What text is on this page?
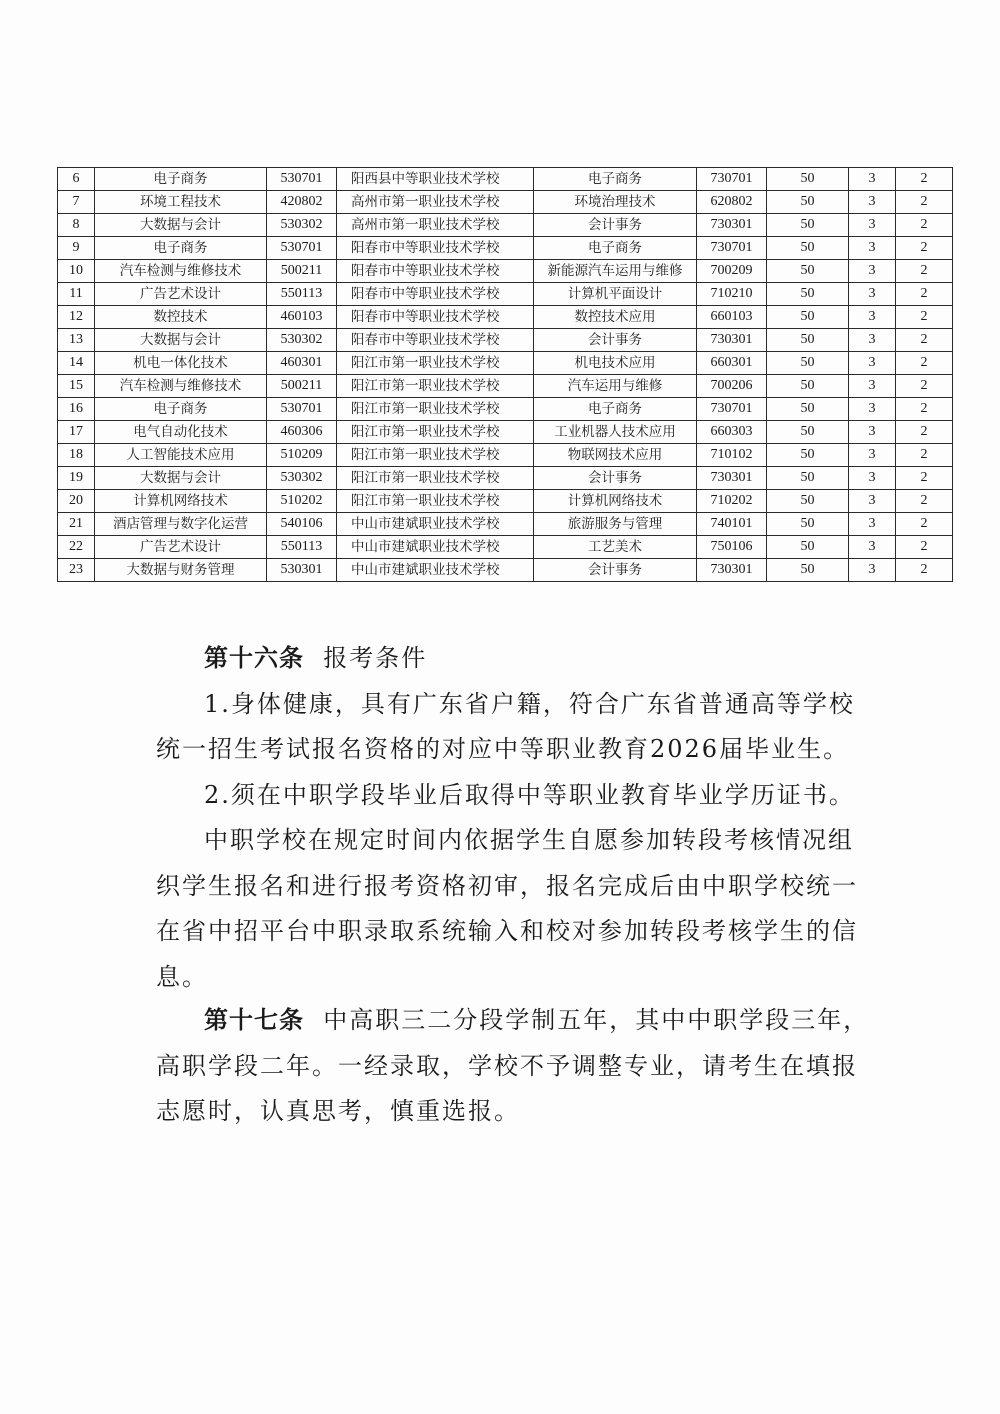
6	电子商务	530701	阳西县中等职业技术学校	电子商务	730701	50	3	2
7	环境工程技术	420802	高州市第一职业技术学校	环境治理技术	620802	50	3	2
8	大数据与会计	530302	高州市第一职业技术学校	会计事务	730301	50	3	2
9	电子商务	530701	阳春市中等职业技术学校	电子商务	730701	50	3	2
10	汽车检测与维修技术	500211	阳春市中等职业技术学校	新能源汽车运用与维修	700209	50	3	2
11	广告艺术设计	550113	阳春市中等职业技术学校	计算机平面设计	710210	50	3	2
12	数控技术	460103	阳春市中等职业技术学校	数控技术应用	660103	50	3	2
13	大数据与会计	530302	阳春市中等职业技术学校	会计事务	730301	50	3	2
14	机电一体化技术	460301	阳江市第一职业技术学校	机电技术应用	660301	50	3	2
15	汽车检测与维修技术	500211	阳江市第一职业技术学校	汽车运用与维修	700206	50	3	2
16	电子商务	530701	阳江市第一职业技术学校	电子商务	730701	50	3	2
17	电气自动化技术	460306	阳江市第一职业技术学校	工业机器人技术应用	660303	50	3	2
18	人工智能技术应用	510209	阳江市第一职业技术学校	物联网技术应用	710102	50	3	2
19	大数据与会计	530302	阳江市第一职业技术学校	会计事务	730301	50	3	2
20	计算机网络技术	510202	阳江市第一职业技术学校	计算机网络技术	710202	50	3	2
21	酒店管理与数字化运营	540106	中山市建斌职业技术学校	旅游服务与管理	740101	50	3	2
22	广告艺术设计	550113	中山市建斌职业技术学校	工艺美术	750106	50	3	2
23	大数据与财务管理	530301	中山市建斌职业技术学校	会计事务	730301	50	3	2

第十六条 报考条件

1.身体健康，具有广东省户籍，符合广东省普通高等学校统一招生考试报名资格的对应中等职业教育2026届毕业生。

2.须在中职学段毕业后取得中等职业教育毕业学历证书。

中职学校在规定时间内依据学生自愿参加转段考核情况组织学生报名和进行报考资格初审，报名完成后由中职学校统一在省中招平台中职录取系统输入和校对参加转段考核学生的信息。

第十七条 中高职三二分段学制五年，其中中职学段三年，高职学段二年。一经录取，学校不予调整专业，请考生在填报志愿时，认真思考，慎重选报。
